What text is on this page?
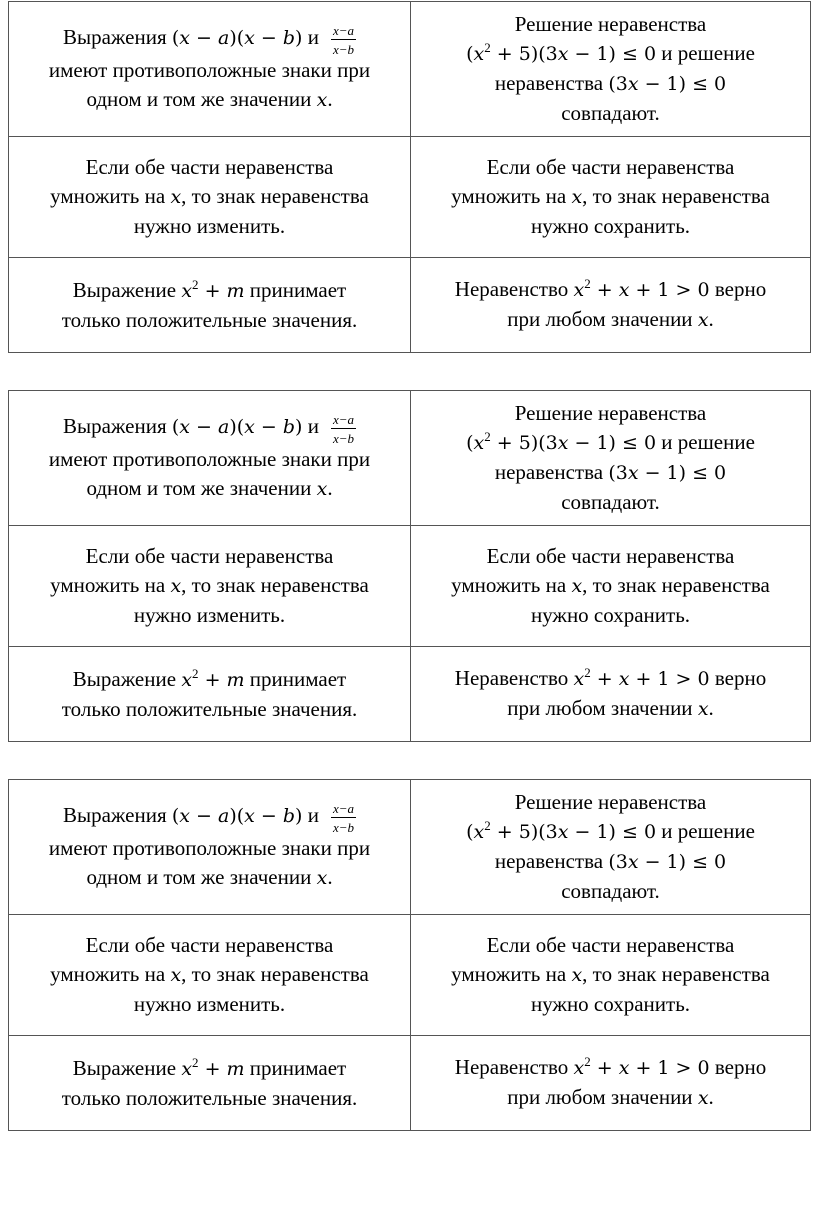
Выражения (𝑥 − 𝑎)(𝑥 − 𝑏) и $\frac{x-a}{x-b}$
имеют противоположные знаки при
одном и том же значении 𝑥.	Решение неравенства
(𝑥$^2$ + 5)(3𝑥 − 1) ≤ 0 и решение
неравенства (3𝑥 − 1) ≤ 0
совпадают.

Если обе части неравенства
умножить на 𝑥, то знак неравенства
нужно изменить.	Если обе части неравенства
умножить на 𝑥, то знак неравенства
нужно сохранить.

Выражение 𝑥$^2$ + 𝑚 принимает
только положительные значения.	Неравенство 𝑥$^2$ + 𝑥 + 1 > 0 верно
при любом значении 𝑥.
Выражения (𝑥 − 𝑎)(𝑥 − 𝑏) и $\frac{x-a}{x-b}$
имеют противоположные знаки при
одном и том же значении 𝑥.	Решение неравенства
(𝑥$^2$ + 5)(3𝑥 − 1) ≤ 0 и решение
неравенства (3𝑥 − 1) ≤ 0
совпадают.

Если обе части неравенства
умножить на 𝑥, то знак неравенства
нужно изменить.	Если обе части неравенства
умножить на 𝑥, то знак неравенства
нужно сохранить.

Выражение 𝑥$^2$ + 𝑚 принимает
только положительные значения.	Неравенство 𝑥$^2$ + 𝑥 + 1 > 0 верно
при любом значении 𝑥.
Выражения (𝑥 − 𝑎)(𝑥 − 𝑏) и $\frac{x-a}{x-b}$
имеют противоположные знаки при
одном и том же значении 𝑥.	Решение неравенства
(𝑥$^2$ + 5)(3𝑥 − 1) ≤ 0 и решение
неравенства (3𝑥 − 1) ≤ 0
совпадают.

Если обе части неравенства
умножить на 𝑥, то знак неравенства
нужно изменить.	Если обе части неравенства
умножить на 𝑥, то знак неравенства
нужно сохранить.

Выражение 𝑥$^2$ + 𝑚 принимает
только положительные значения.	Неравенство 𝑥$^2$ + 𝑥 + 1 > 0 верно
при любом значении 𝑥.
